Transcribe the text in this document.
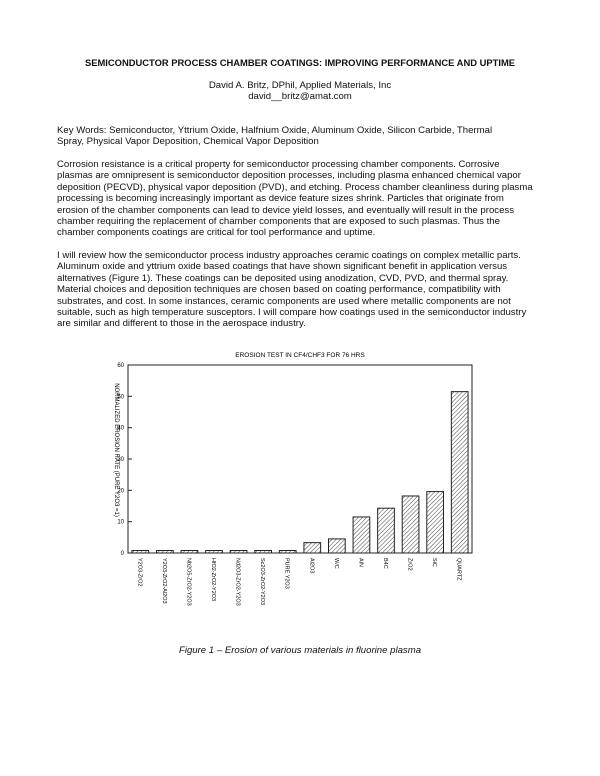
SEMICONDUCTOR PROCESS CHAMBER COATINGS: IMPROVING PERFORMANCE AND UPTIME
David A. Britz, DPhil, Applied Materials, Inc
david__britz@amat.com
Key Words: Semiconductor, Yttrium Oxide, Halfnium Oxide, Aluminum Oxide, Silicon Carbide, Thermal
Spray, Physical Vapor Deposition, Chemical Vapor Deposition
Corrosion resistance is a critical property for semiconductor processing chamber components. Corrosive
plasmas are omnipresent is semiconductor deposition processes, including plasma enhanced chemical vapor
deposition (PECVD), physical vapor deposition (PVD), and etching. Process chamber cleanliness during plasma
processing is becoming increasingly important as device feature sizes shrink. Particles that originate from
erosion of the chamber components can lead to device yield losses, and eventually will result in the process
chamber requiring the replacement of chamber components that are exposed to such plasmas. Thus the
chamber components coatings are critical for tool performance and uptime.
I will review how the semiconductor process industry approaches ceramic coatings on complex metallic parts.
Aluminum oxide and yttrium oxide based coatings that have shown significant benefit in application versus
alternatives (Figure 1). These coatings can be deposited using anodization, CVD, PVD, and thermal spray.
Material choices and deposition techniques are chosen based on coating performance, compatibility with
substrates, and cost. In some instances, ceramic components are used where metallic components are not
suitable, such as high temperature susceptors. I will compare how coatings used in the semiconductor industry
are similar and different to those in the aerospace industry.
EROSION TEST IN CF4/CHF3 FOR 76 HRS
NORMALIZED EROSION RATE (PURE Y2O3 =1)
0
10
20
30
40
50
60
Y2O3-ZrO2	Y2O3-ZrO2-Al2O3	Nb2O5-ZrO2-Y2O3	HfO2-ZrO2-Y2O3	Nd2O3-ZrO2-Y2O3	Sc2O3-ZrO2-Y2O3	PURE Y2O3	Al2O3	W/C	AlN	B4C	ZrO2	SiC	QUARTZ
Figure 1 – Erosion of various materials in fluorine plasma
